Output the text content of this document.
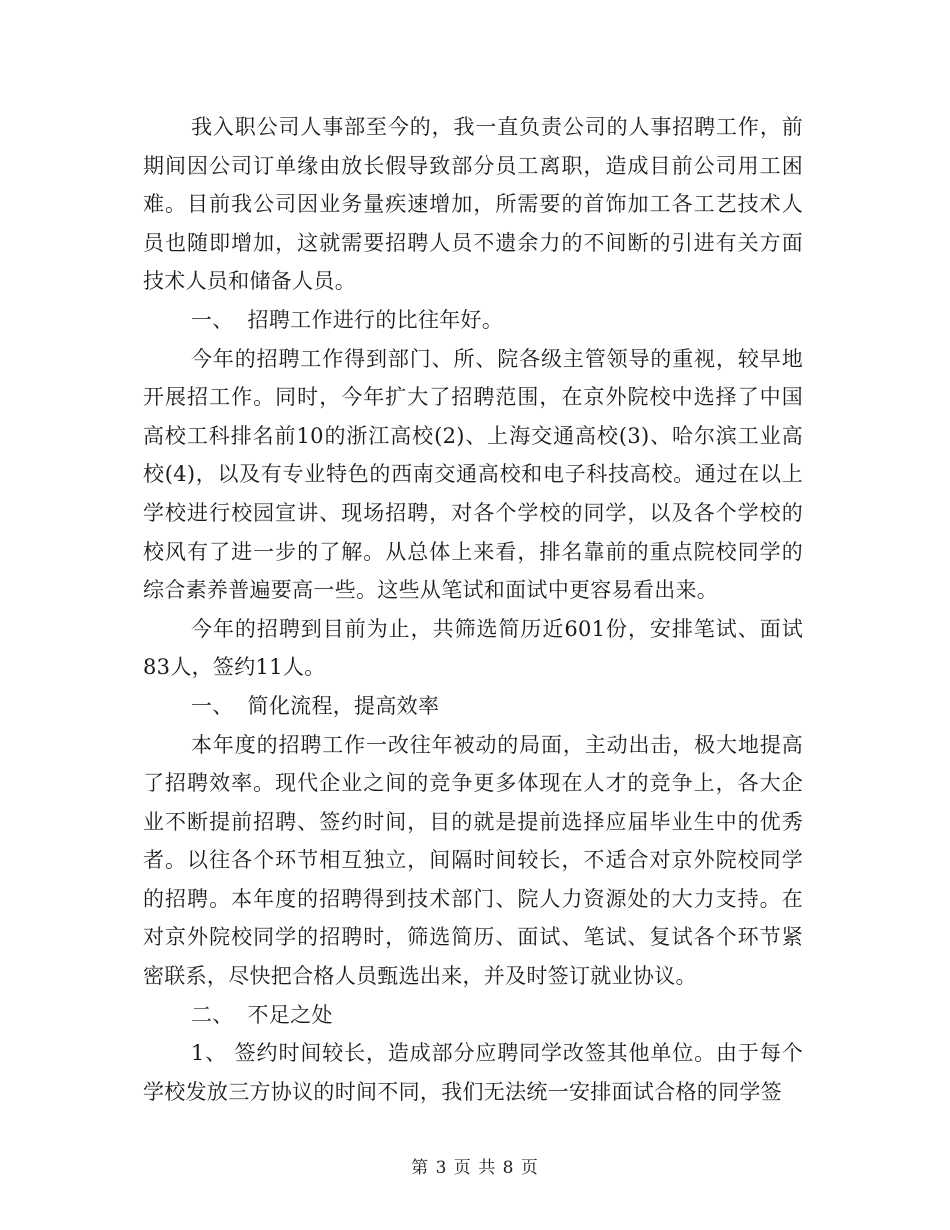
我入职公司人事部至今的，我一直负责公司的人事招聘工作，前期间因公司订单缘由放长假导致部分员工离职，造成目前公司用工困难。目前我公司因业务量疾速增加，所需要的首饰加工各工艺技术人员也随即增加，这就需要招聘人员不遗余力的不间断的引进有关方面技术人员和储备人员。

一、  招聘工作进行的比往年好。

今年的招聘工作得到部门、所、院各级主管领导的重视，较早地开展招工作。同时，今年扩大了招聘范围，在京外院校中选择了中国高校工科排名前10的浙江高校(2)、上海交通高校(3)、哈尔滨工业高校(4)，以及有专业特色的西南交通高校和电子科技高校。通过在以上学校进行校园宣讲、现场招聘，对各个学校的同学，以及各个学校的校风有了进一步的了解。从总体上来看，排名靠前的重点院校同学的综合素养普遍要高一些。这些从笔试和面试中更容易看出来。

今年的招聘到目前为止，共筛选简历近601份，安排笔试、面试83人，签约11人。

一、  简化流程，提高效率

本年度的招聘工作一改往年被动的局面，主动出击，极大地提高了招聘效率。现代企业之间的竞争更多体现在人才的竞争上，各大企业不断提前招聘、签约时间，目的就是提前选择应届毕业生中的优秀者。以往各个环节相互独立，间隔时间较长，不适合对京外院校同学的招聘。本年度的招聘得到技术部门、院人力资源处的大力支持。在对京外院校同学的招聘时，筛选简历、面试、笔试、复试各个环节紧密联系，尽快把合格人员甄选出来，并及时签订就业协议。

二、  不足之处

1、 签约时间较长，造成部分应聘同学改签其他单位。由于每个学校发放三方协议的时间不同，我们无法统一安排面试合格的同学签

第 3 页 共 8 页
